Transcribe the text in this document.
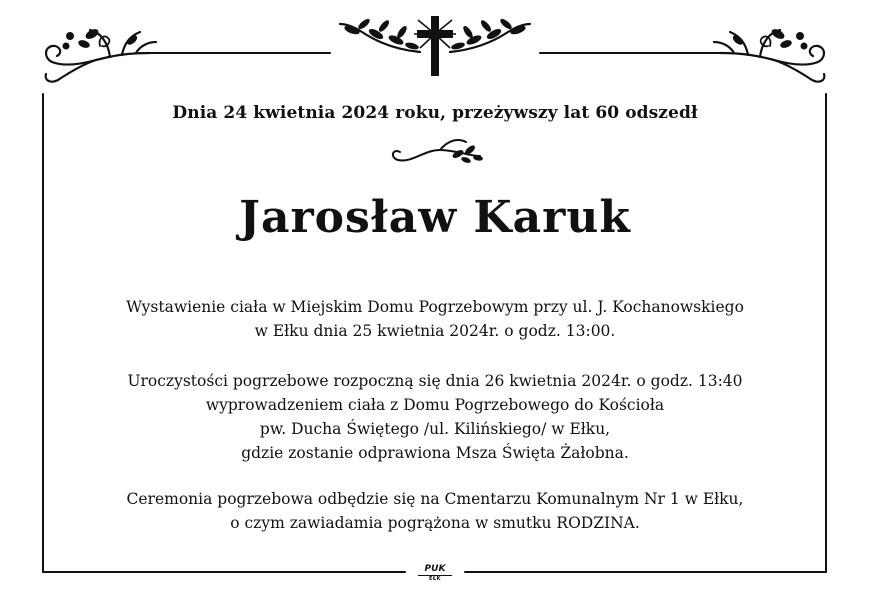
Dnia 24 kwietnia 2024 roku, przeżywszy lat 60 odszedł
Jarosław Karuk
Wystawienie ciała w Miejskim Domu Pogrzebowym przy ul. J. Kochanowskiego
w Ełku dnia 25 kwietnia 2024r. o godz. 13:00.
Uroczystości pogrzebowe rozpoczną się dnia 26 kwietnia 2024r. o godz. 13:40
wyprowadzeniem ciała z Domu Pogrzebowego do Kościoła
pw. Ducha Świętego /ul. Kilińskiego/ w Ełku,
gdzie zostanie odprawiona Msza Święta Żałobna.
Ceremonia pogrzebowa odbędzie się na Cmentarzu Komunalnym Nr 1 w Ełku,
o czym zawiadamia pogrążona w smutku RODZINA.
PUK
EŁK
